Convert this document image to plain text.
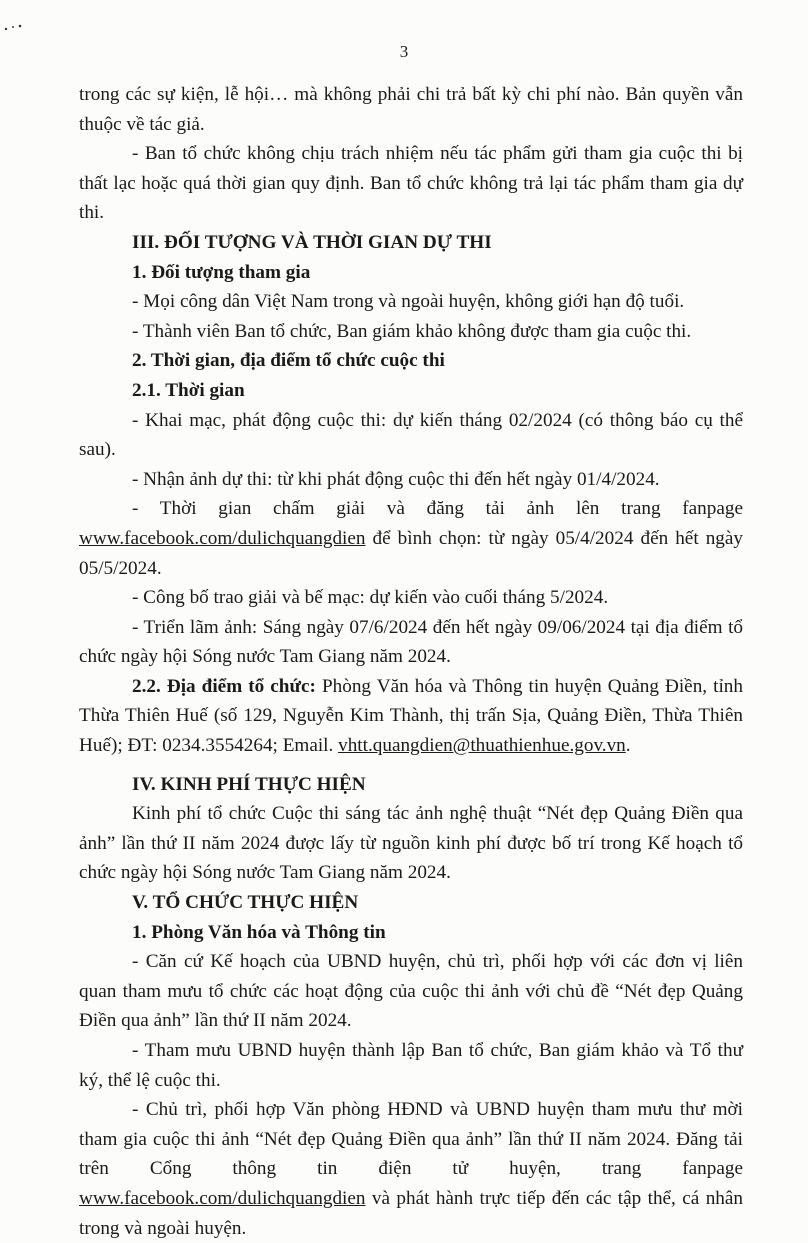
3

trong các sự kiện, lễ hội… mà không phải chi trả bất kỳ chi phí nào. Bản quyền vẫn thuộc về tác giả.

- Ban tổ chức không chịu trách nhiệm nếu tác phẩm gửi tham gia cuộc thi bị thất lạc hoặc quá thời gian quy định. Ban tổ chức không trả lại tác phẩm tham gia dự thi.

III. ĐỐI TƯỢNG VÀ THỜI GIAN DỰ THI

1. Đối tượng tham gia

- Mọi công dân Việt Nam trong và ngoài huyện, không giới hạn độ tuổi.

- Thành viên Ban tổ chức, Ban giám khảo không được tham gia cuộc thi.

2. Thời gian, địa điểm tổ chức cuộc thi

2.1. Thời gian

- Khai mạc, phát động cuộc thi: dự kiến tháng 02/2024 (có thông báo cụ thể sau).

- Nhận ảnh dự thi: từ khi phát động cuộc thi đến hết ngày 01/4/2024.

- Thời gian chấm giải và đăng tải ảnh lên trang fanpage

www.facebook.com/dulichquangdien để bình chọn: từ ngày 05/4/2024 đến hết ngày 05/5/2024.

- Công bố trao giải và bế mạc: dự kiến vào cuối tháng 5/2024.

- Triển lãm ảnh: Sáng ngày 07/6/2024 đến hết ngày 09/06/2024 tại địa điểm tổ chức ngày hội Sóng nước Tam Giang năm 2024.

2.2. Địa điểm tổ chức: Phòng Văn hóa và Thông tin huyện Quảng Điền, tỉnh Thừa Thiên Huế (số 129, Nguyễn Kim Thành, thị trấn Sịa, Quảng Điền, Thừa Thiên Huế); ĐT: 0234.3554264; Email. vhtt.quangdien@thuathienhue.gov.vn.

IV. KINH PHÍ THỰC HIỆN

Kinh phí tổ chức Cuộc thi sáng tác ảnh nghệ thuật “Nét đẹp Quảng Điền qua ảnh” lần thứ II năm 2024 được lấy từ nguồn kinh phí được bố trí trong Kế hoạch tổ chức ngày hội Sóng nước Tam Giang năm 2024.

V. TỔ CHỨC THỰC HIỆN

1. Phòng Văn hóa và Thông tin

- Căn cứ Kế hoạch của UBND huyện, chủ trì, phối hợp với các đơn vị liên quan tham mưu tổ chức các hoạt động của cuộc thi ảnh với chủ đề “Nét đẹp Quảng Điền qua ảnh” lần thứ II năm 2024.

- Tham mưu UBND huyện thành lập Ban tổ chức, Ban giám khảo và Tổ thư ký, thể lệ cuộc thi.

- Chủ trì, phối hợp Văn phòng HĐND và UBND huyện tham mưu thư mời tham gia cuộc thi ảnh “Nét đẹp Quảng Điền qua ảnh” lần thứ II năm 2024. Đăng tải trên Cổng thông tin điện tử huyện, trang fanpage www.facebook.com/dulichquangdien và phát hành trực tiếp đến các tập thể, cá nhân trong và ngoài huyện.
